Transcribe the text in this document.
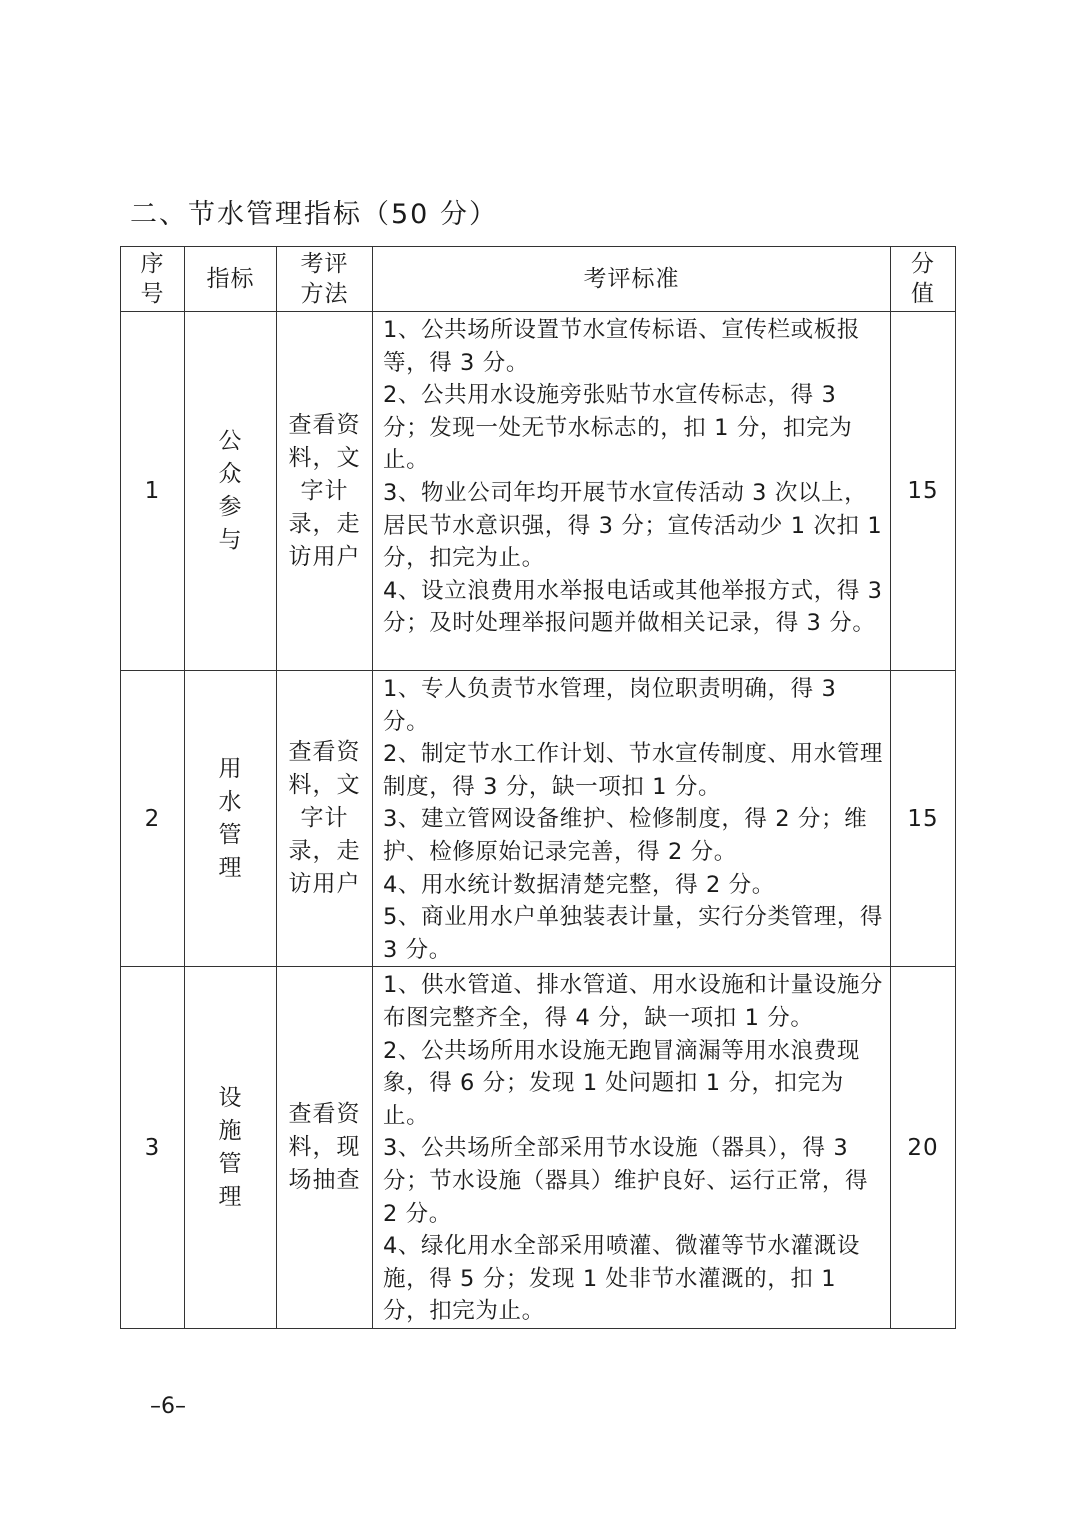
二、节水管理指标（50 分）
序号	指标	考评方法	考评标准	分值
1	公众参与	查看资料，文字计录，走访用户	1、公共场所设置节水宣传标语、宣传栏或板报等，得 3 分。
2、公共用水设施旁张贴节水宣传标志，得 3 分；发现一处无节水标志的，扣 1 分，扣完为止。
3、物业公司年均开展节水宣传活动 3 次以上，居民节水意识强，得 3 分；宣传活动少 1 次扣 1 分，扣完为止。
4、设立浪费用水举报电话或其他举报方式，得 3 分；及时处理举报问题并做相关记录，得 3 分。	15
2	用水管理	查看资料，文字计录，走访用户	1、专人负责节水管理，岗位职责明确，得 3 分。
2、制定节水工作计划、节水宣传制度、用水管理制度，得 3 分，缺一项扣 1 分。
3、建立管网设备维护、检修制度，得 2 分；维护、检修原始记录完善，得 2 分。
4、用水统计数据清楚完整，得 2 分。
5、商业用水户单独装表计量，实行分类管理，得 3 分。	15
3	设施管理	查看资料，现场抽查	1、供水管道、排水管道、用水设施和计量设施分布图完整齐全，得 4 分，缺一项扣 1 分。
2、公共场所用水设施无跑冒滴漏等用水浪费现象，得 6 分；发现 1 处问题扣 1 分，扣完为止。
3、公共场所全部采用节水设施（器具），得 3 分；节水设施（器具）维护良好、运行正常，得 2 分。
4、绿化用水全部采用喷灌、微灌等节水灌溉设施，得 5 分；发现 1 处非节水灌溉的，扣 1 分，扣完为止。	20
–6–
